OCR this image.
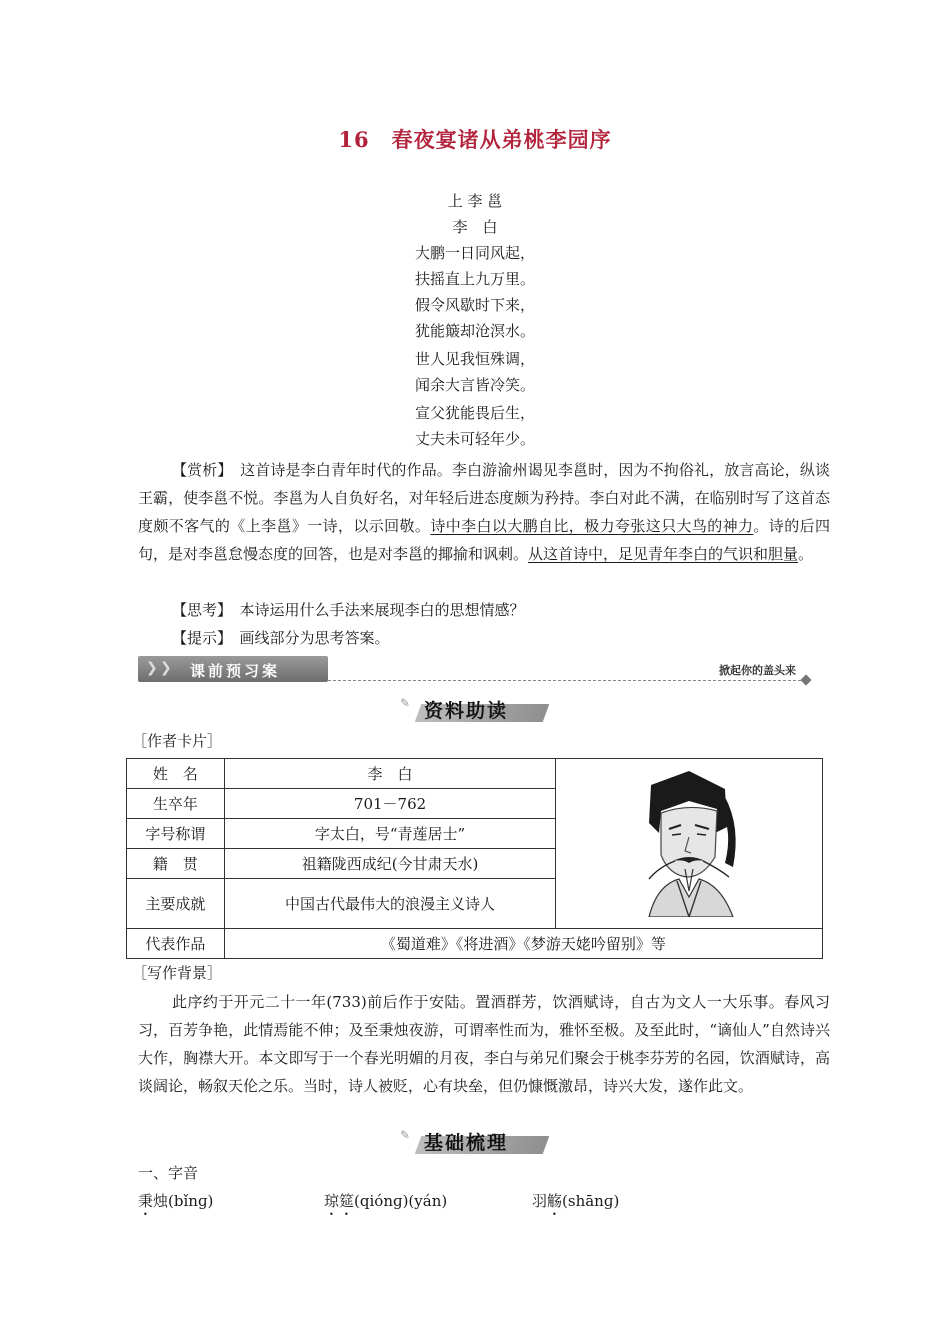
16　春夜宴诸从弟桃李园序
上 李 邕
李　白
大鹏一日同风起，
扶摇直上九万里。
假令风歇时下来，
犹能簸却沧溟水。
世人见我恒殊调，
闻余大言皆冷笑。
宣父犹能畏后生，
丈夫未可轻年少。
【赏析】　 这首诗是李白青年时代的作品。李白游渝州谒见李邕时，因为不拘俗礼，放言高论，纵谈王霸，使李邕不悦。李邕为人自负好名，对年轻后进态度颇为矜持。李白对此不满，在临别时写了这首态度颇不客气的《上李邕》一诗，以示回敬。诗中李白以大鹏自比，极力夸张这只大鸟的神力。诗的后四句，是对李邕怠慢态度的回答，也是对李邕的揶揄和讽刺。从这首诗中，足见青年李白的气识和胆量。
【思考】　 本诗运用什么手法来展现李白的思想情感？
【提示】　 画线部分为思考答案。
❯ ❯ 课前预习案	掀起你的盖头来
✎ 资料助读
［作者卡片］
姓　名	李　白	
生卒年	701－762	
字号称谓	字太白，号“青莲居士”	
籍　贯	祖籍陇西成纪(今甘肃天水)	
主要成就	中国古代最伟大的浪漫主义诗人	
代表作品	《蜀道难》《将进酒》《梦游天姥吟留别》等	
［写作背景］
此序约于开元二十一年(733)前后作于安陆。置酒群芳，饮酒赋诗，自古为文人一大乐事。春风习习，百芳争艳，此情焉能不伸；及至秉烛夜游，可谓率性而为，雅怀至极。及至此时，“谪仙人”自然诗兴大作，胸襟大开。本文即写于一个春光明媚的月夜，李白与弟兄们聚会于桃李芬芳的名园，饮酒赋诗，高谈阔论，畅叙天伦之乐。当时，诗人被贬，心有块垒，但仍慷慨激昂，诗兴大发，遂作此文。
✎ 基础梳理
一、字音
秉烛(bǐnɡ)	琼筵(qiónɡ)(yán)	羽觞(shānɡ)
